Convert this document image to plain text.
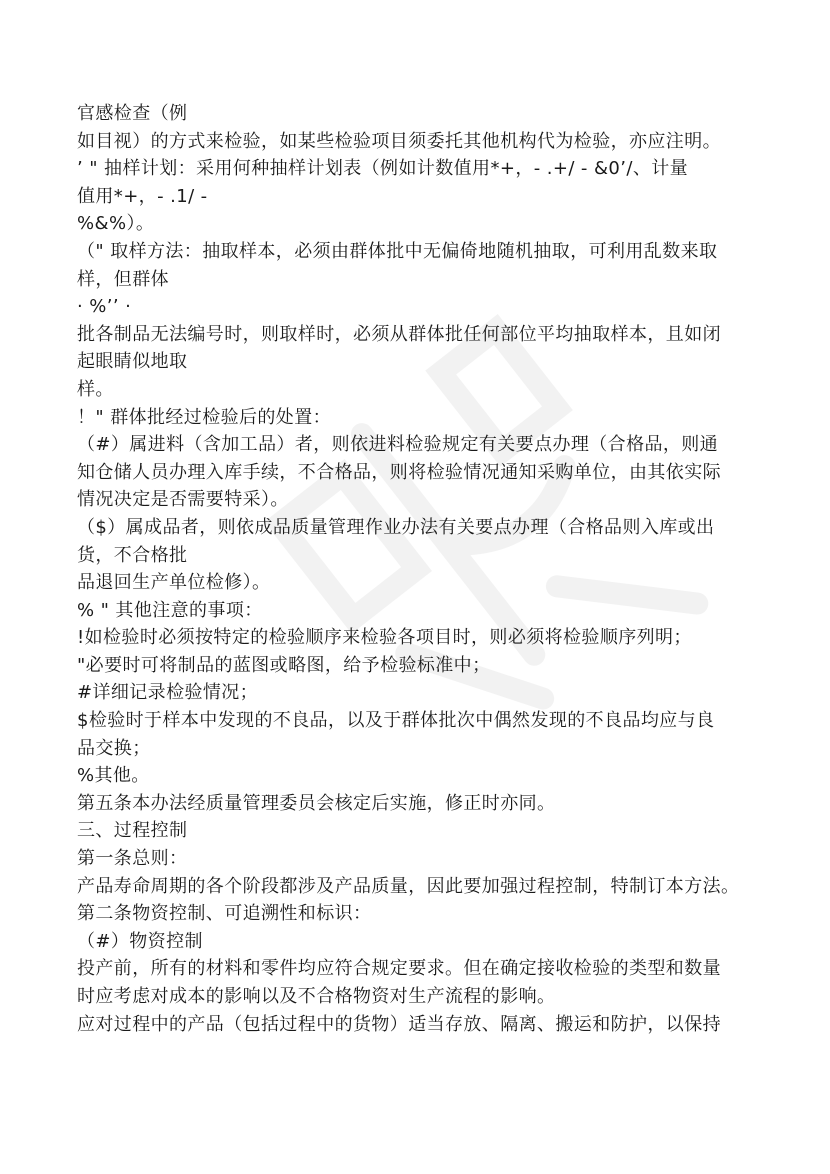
官感检查（例
如目视）的方式来检验，如某些检验项目须委托其他机构代为检验，亦应注明。
’ " 抽样计划：采用何种抽样计划表（例如计数值用*+，- .+/ - &0’/、计量
值用*+，- .1/ -
%&%）。
（" 取样方法：抽取样本，必须由群体批中无偏倚地随机抽取，可利用乱数来取
样，但群体
· %’’ ·
批各制品无法编号时，则取样时，必须从群体批任何部位平均抽取样本，且如闭
起眼睛似地取
样。
！" 群体批经过检验后的处置：
（#）属进料（含加工品）者，则依进料检验规定有关要点办理（合格品，则通
知仓储人员办理入库手续，不合格品，则将检验情况通知采购单位，由其依实际
情况决定是否需要特采）。
（$）属成品者，则依成品质量管理作业办法有关要点办理（合格品则入库或出
货，不合格批
品退回生产单位检修）。
% " 其他注意的事项：
!如检验时必须按特定的检验顺序来检验各项目时，则必须将检验顺序列明；
"必要时可将制品的蓝图或略图，给予检验标准中；
#详细记录检验情况；
$检验时于样本中发现的不良品，以及于群体批次中偶然发现的不良品均应与良
品交换；
%其他。
第五条本办法经质量管理委员会核定后实施，修正时亦同。
三、过程控制
第一条总则：
产品寿命周期的各个阶段都涉及产品质量，因此要加强过程控制，特制订本方法。
第二条物资控制、可追溯性和标识：
（#）物资控制
投产前，所有的材料和零件均应符合规定要求。但在确定接收检验的类型和数量
时应考虑对成本的影响以及不合格物资对生产流程的影响。
应对过程中的产品（包括过程中的货物）适当存放、隔离、搬运和防护，以保持
